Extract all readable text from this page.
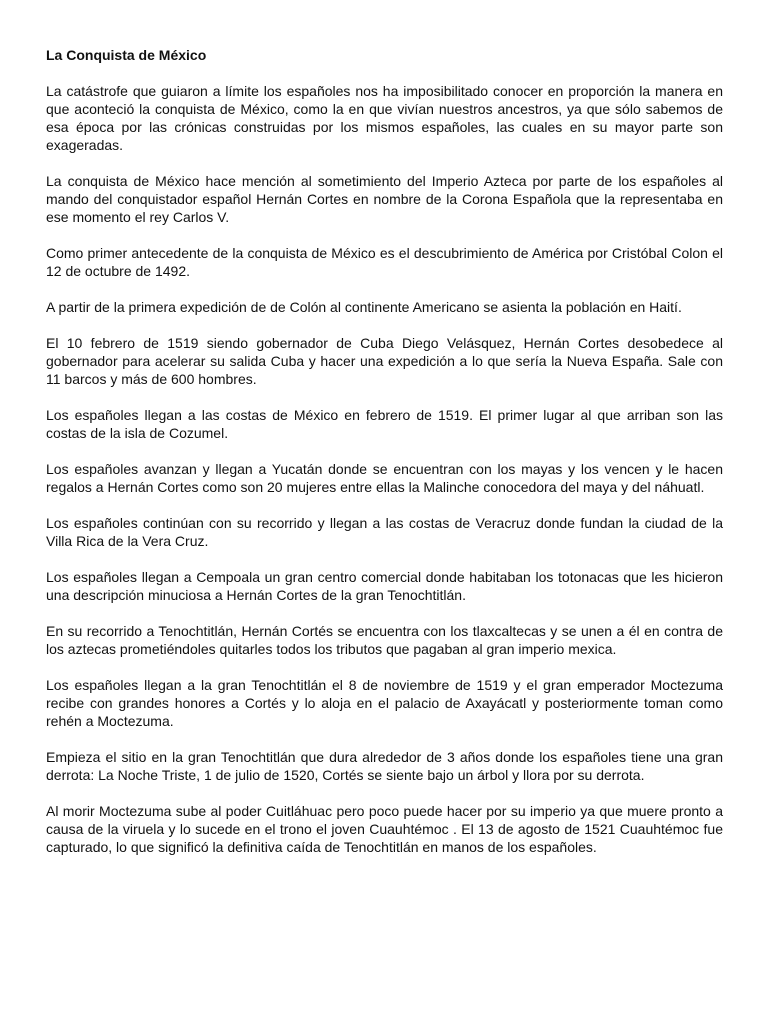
La Conquista de México

La catástrofe que guiaron a límite los españoles nos ha imposibilitado conocer en proporción la manera en que aconteció la conquista de México, como la en que vivían nuestros ancestros, ya que sólo sabemos de esa época por las crónicas construidas por los mismos españoles, las cuales en su mayor parte son exageradas.

La conquista de México hace mención al sometimiento del Imperio Azteca por parte de los españoles al mando del conquistador español Hernán Cortes en nombre de la Corona Española que la representaba en ese momento el rey Carlos V.

Como primer antecedente de la conquista de México es el descubrimiento de América por Cristóbal Colon el 12 de octubre de 1492.

A partir de la primera expedición de de Colón al continente Americano se asienta la población en Haití.

El 10 febrero de 1519 siendo gobernador de Cuba Diego Velásquez, Hernán Cortes desobedece al gobernador para acelerar su salida Cuba y hacer una expedición a lo que sería la Nueva España. Sale con 11 barcos y más de 600 hombres.

Los españoles llegan a las costas de México en febrero de 1519. El primer lugar al que arriban son las costas de la isla de Cozumel.

Los españoles avanzan y llegan a Yucatán donde se encuentran con los mayas y los vencen y le hacen regalos a Hernán Cortes como son 20 mujeres entre ellas la Malinche conocedora del maya y del náhuatl.

Los españoles continúan con su recorrido y llegan a las costas de Veracruz donde fundan la ciudad de la Villa Rica de la Vera Cruz.

Los españoles llegan a Cempoala un gran centro comercial donde habitaban los totonacas que les hicieron una descripción minuciosa a Hernán Cortes de la gran Tenochtitlán.

En su recorrido a Tenochtitlán, Hernán Cortés se encuentra con los tlaxcaltecas y se unen a él en contra de los aztecas prometiéndoles quitarles todos los tributos que pagaban al gran imperio mexica.

Los españoles llegan a la gran Tenochtitlán el 8 de noviembre de 1519 y el gran emperador Moctezuma recibe con grandes honores a Cortés y lo aloja en el palacio de Axayácatl y posteriormente toman como rehén a Moctezuma.

Empieza el sitio en la gran Tenochtitlán que dura alrededor de 3 años donde los españoles tiene una gran derrota: La Noche Triste, 1 de julio de 1520, Cortés se siente bajo un árbol y llora por su derrota.

Al morir Moctezuma sube al poder Cuitláhuac pero poco puede hacer por su imperio ya que muere pronto a causa de la viruela y lo sucede en el trono el joven Cuauhtémoc . El 13 de agosto de 1521 Cuauhtémoc fue capturado, lo que significó la definitiva caída de Tenochtitlán en manos de los españoles.
